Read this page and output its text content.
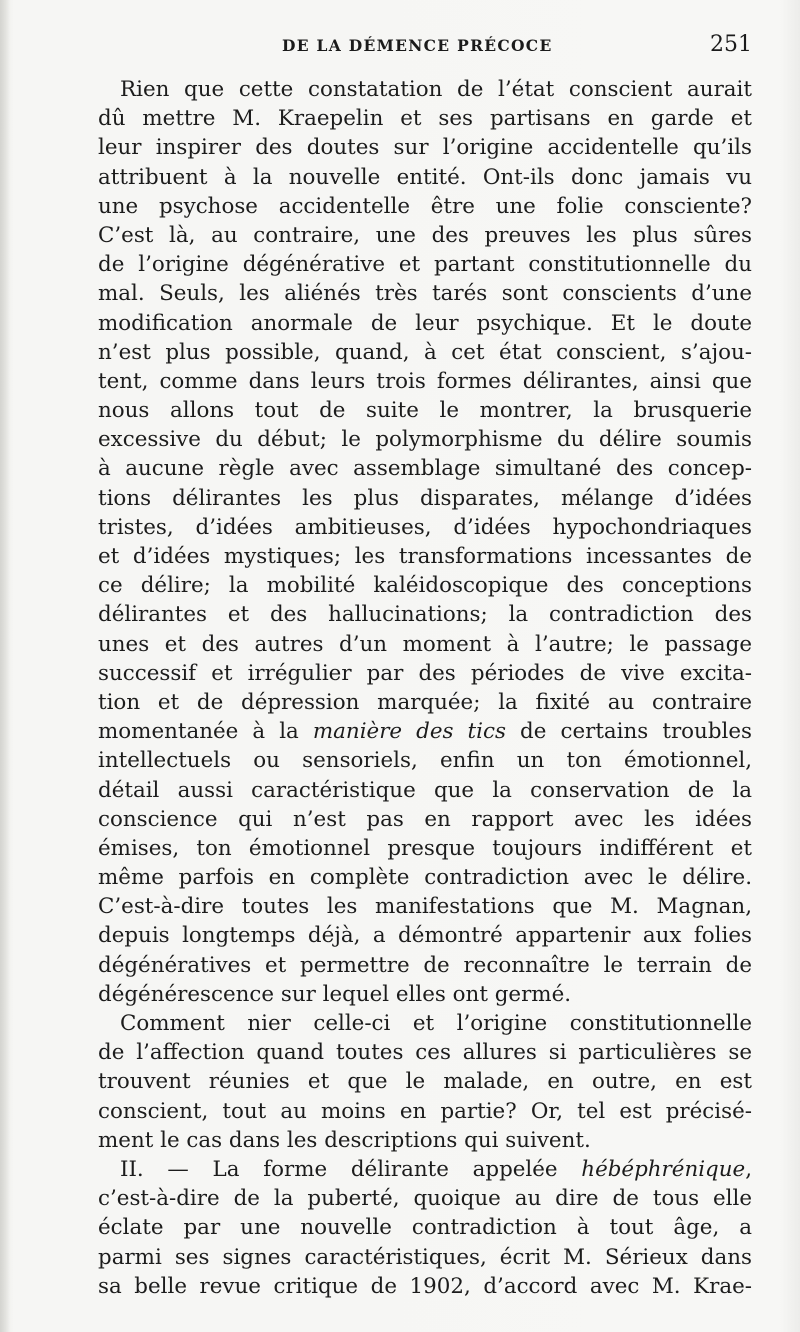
DE LA DÉMENCE PRÉCOCE	251
Rien que cette constatation de l’état conscient aurait
dû mettre M. Kraepelin et ses partisans en garde et
leur inspirer des doutes sur l’origine accidentelle qu’ils
attribuent à la nouvelle entité. Ont-ils donc jamais vu
une psychose accidentelle être une folie consciente?
C’est là, au contraire, une des preuves les plus sûres
de l’origine dégénérative et partant constitutionnelle du
mal. Seuls, les aliénés très tarés sont conscients d’une
modification anormale de leur psychique. Et le doute
n’est plus possible, quand, à cet état conscient, s’ajou-
tent, comme dans leurs trois formes délirantes, ainsi que
nous allons tout de suite le montrer, la brusquerie
excessive du début; le polymorphisme du délire soumis
à aucune règle avec assemblage simultané des concep-
tions délirantes les plus disparates, mélange d’idées
tristes, d’idées ambitieuses, d’idées hypochondriaques
et d’idées mystiques; les transformations incessantes de
ce délire; la mobilité kaléidoscopique des conceptions
délirantes et des hallucinations; la contradiction des
unes et des autres d’un moment à l’autre; le passage
successif et irrégulier par des périodes de vive excita-
tion et de dépression marquée; la fixité au contraire
momentanée à la manière des tics de certains troubles
intellectuels ou sensoriels, enfin un ton émotionnel,
détail aussi caractéristique que la conservation de la
conscience qui n’est pas en rapport avec les idées
émises, ton émotionnel presque toujours indifférent et
même parfois en complète contradiction avec le délire.
C’est-à-dire toutes les manifestations que M. Magnan,
depuis longtemps déjà, a démontré appartenir aux folies
dégénératives et permettre de reconnaître le terrain de
dégénérescence sur lequel elles ont germé.
Comment nier celle-ci et l’origine constitutionnelle
de l’affection quand toutes ces allures si particulières se
trouvent réunies et que le malade, en outre, en est
conscient, tout au moins en partie? Or, tel est précisé-
ment le cas dans les descriptions qui suivent.
II. — La forme délirante appelée hébéphrénique,
c’est-à-dire de la puberté, quoique au dire de tous elle
éclate par une nouvelle contradiction à tout âge, a
parmi ses signes caractéristiques, écrit M. Sérieux dans
sa belle revue critique de 1902, d’accord avec M. Krae-
